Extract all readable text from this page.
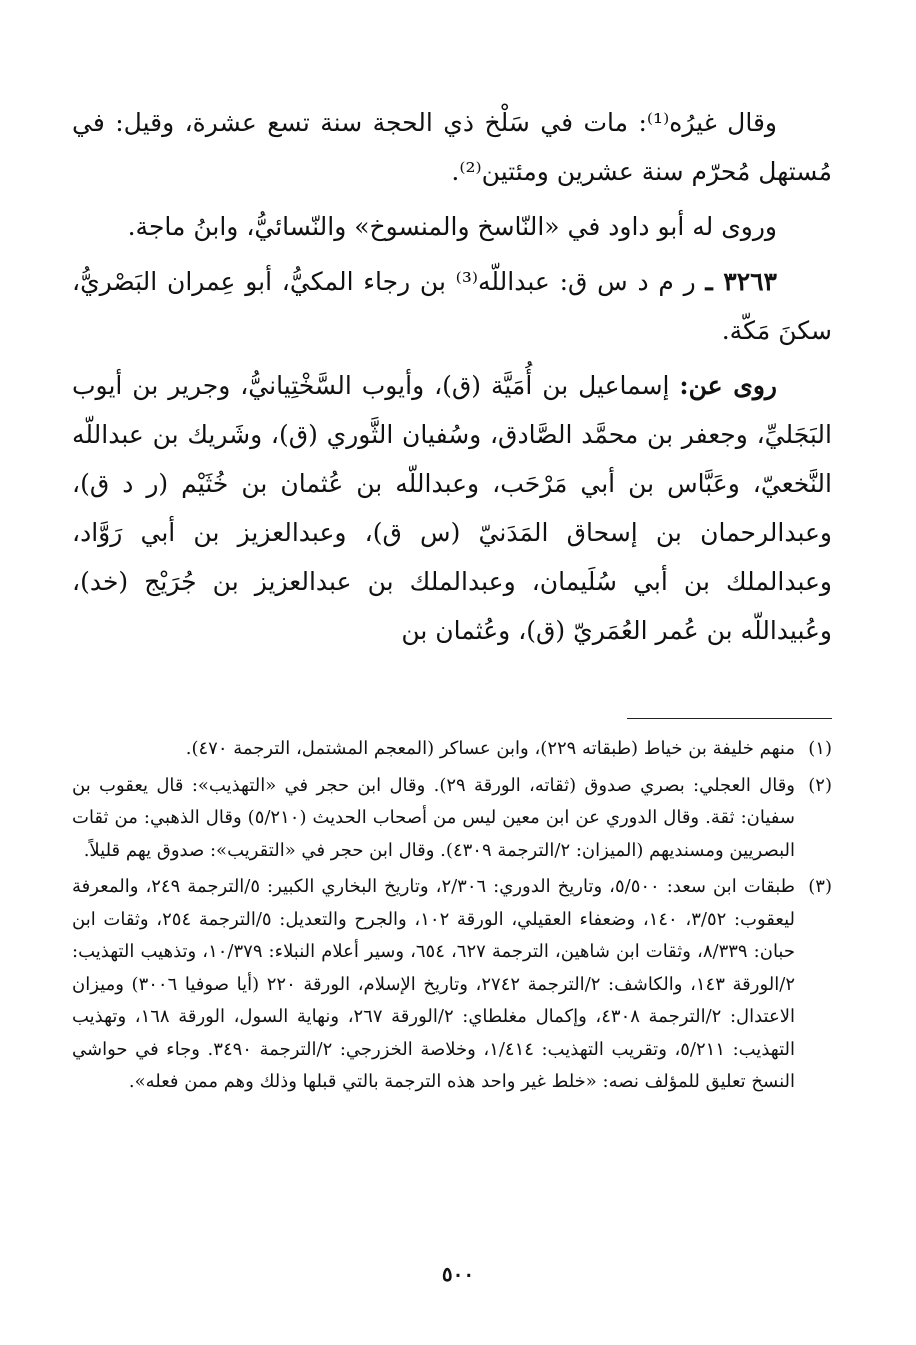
وقال غيرُه⁽¹⁾: مات في سَلْخ ذي الحجة سنة تسع عشرة، وقيل: في مُستهل مُحرّم سنة عشرين ومئتين⁽²⁾.

وروى له أبو داود في «النّاسخ والمنسوخ» والنّسائيُّ، وابنُ ماجة.

٣٢٦٣ ـ ر م د س ق: عبداللّه⁽³⁾ بن رجاء المكيُّ، أبو عِمران البَصْريُّ، سكنَ مَكّة.

روى عن: إسماعيل بن أُمَيَّة (ق)، وأيوب السَّخْتِيانيُّ، وجرير بن أيوب البَجَليِّ، وجعفر بن محمَّد الصَّادق، وسُفيان الثَّوري (ق)، وشَريك بن عبداللّه النَّخعيّ، وعَبَّاس بن أبي مَرْحَب، وعبداللّه بن عُثمان بن خُثَيْم (ر د ق)، وعبدالرحمان بن إسحاق المَدَنيّ (س ق)، وعبدالعزيز بن أبي رَوَّاد، وعبدالملك بن أبي سُلَيمان، وعبدالملك بن عبدالعزيز بن جُرَيْج (خد)، وعُبيداللّه بن عُمر العُمَريّ (ق)، وعُثمان بن

(١)
منهم خليفة بن خياط (طبقاته ٢٢٩)، وابن عساكر (المعجم المشتمل، الترجمة ٤٧٠).
(٢)
وقال العجلي: بصري صدوق (ثقاته، الورقة ٢٩). وقال ابن حجر في «التهذيب»: قال يعقوب بن سفيان: ثقة. وقال الدوري عن ابن معين ليس من أصحاب الحديث (٥/٢١٠) وقال الذهبي: من ثقات البصريين ومسنديهم (الميزان: ٢/الترجمة ٤٣٠٩). وقال ابن حجر في «التقريب»: صدوق يهم قليلاً.
(٣)
طبقات ابن سعد: ٥/٥٠٠، وتاريخ الدوري: ٢/٣٠٦، وتاريخ البخاري الكبير: ٥/الترجمة ٢٤٩، والمعرفة ليعقوب: ٣/٥٢، ١٤٠، وضعفاء العقيلي، الورقة ١٠٢، والجرح والتعديل: ٥/الترجمة ٢٥٤، وثقات ابن حبان: ٨/٣٣٩، وثقات ابن شاهين، الترجمة ٦٢٧، ٦٥٤، وسير أعلام النبلاء: ١٠/٣٧٩، وتذهيب التهذيب: ٢/الورقة ١٤٣، والكاشف: ٢/الترجمة ٢٧٤٢، وتاريخ الإسلام، الورقة ٢٢٠ (أيا صوفيا ٣٠٠٦) وميزان الاعتدال: ٢/الترجمة ٤٣٠٨، وإكمال مغلطاي: ٢/الورقة ٢٦٧، ونهاية السول، الورقة ١٦٨، وتهذيب التهذيب: ٥/٢١١، وتقريب التهذيب: ١/٤١٤، وخلاصة الخزرجي: ٢/الترجمة ٣٤٩٠. وجاء في حواشي النسخ تعليق للمؤلف نصه: «خلط غير واحد هذه الترجمة بالتي قبلها وذلك وهم ممن فعله».
٥٠٠
